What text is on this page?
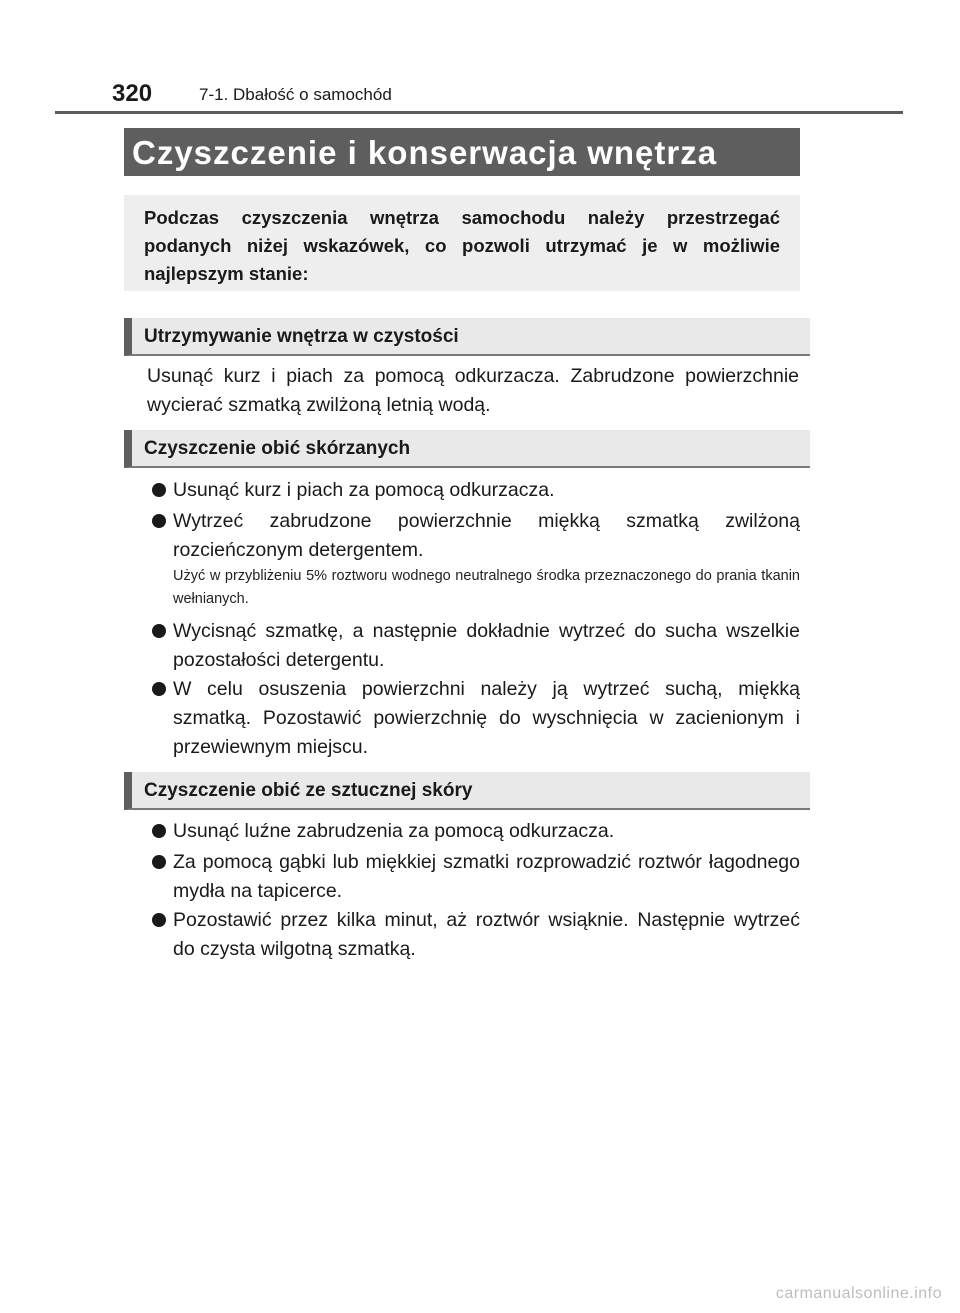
320	7-1. Dbałość o samochód
Czyszczenie i konserwacja wnętrza
Podczas czyszczenia wnętrza samochodu należy przestrzegać podanych niżej wskazówek, co pozwoli utrzymać je w możliwie najlepszym stanie:
Utrzymywanie wnętrza w czystości

Usunąć kurz i piach za pomocą odkurzacza. Zabrudzone powierzchnie wycierać szmatką zwilżoną letnią wodą.

Czyszczenie obić skórzanych
Usunąć kurz i piach za pomocą odkurzacza.
Wytrzeć zabrudzone powierzchnie miękką szmatką zwilżoną rozcieńczonym detergentem.
Użyć w przybliżeniu 5% roztworu wodnego neutralnego środka przeznaczonego do prania tkanin wełnianych.
Wycisnąć szmatkę, a następnie dokładnie wytrzeć do sucha wszelkie pozostałości detergentu.
W celu osuszenia powierzchni należy ją wytrzeć suchą, miękką szmatką. Pozostawić powierzchnię do wyschnięcia w zacienionym i przewiewnym miejscu.
Czyszczenie obić ze sztucznej skóry
Usunąć luźne zabrudzenia za pomocą odkurzacza.
Za pomocą gąbki lub miękkiej szmatki rozprowadzić roztwór łagodnego mydła na tapicerce.
Pozostawić przez kilka minut, aż roztwór wsiąknie. Następnie wytrzeć do czysta wilgotną szmatką.
carmanualsonline.info
